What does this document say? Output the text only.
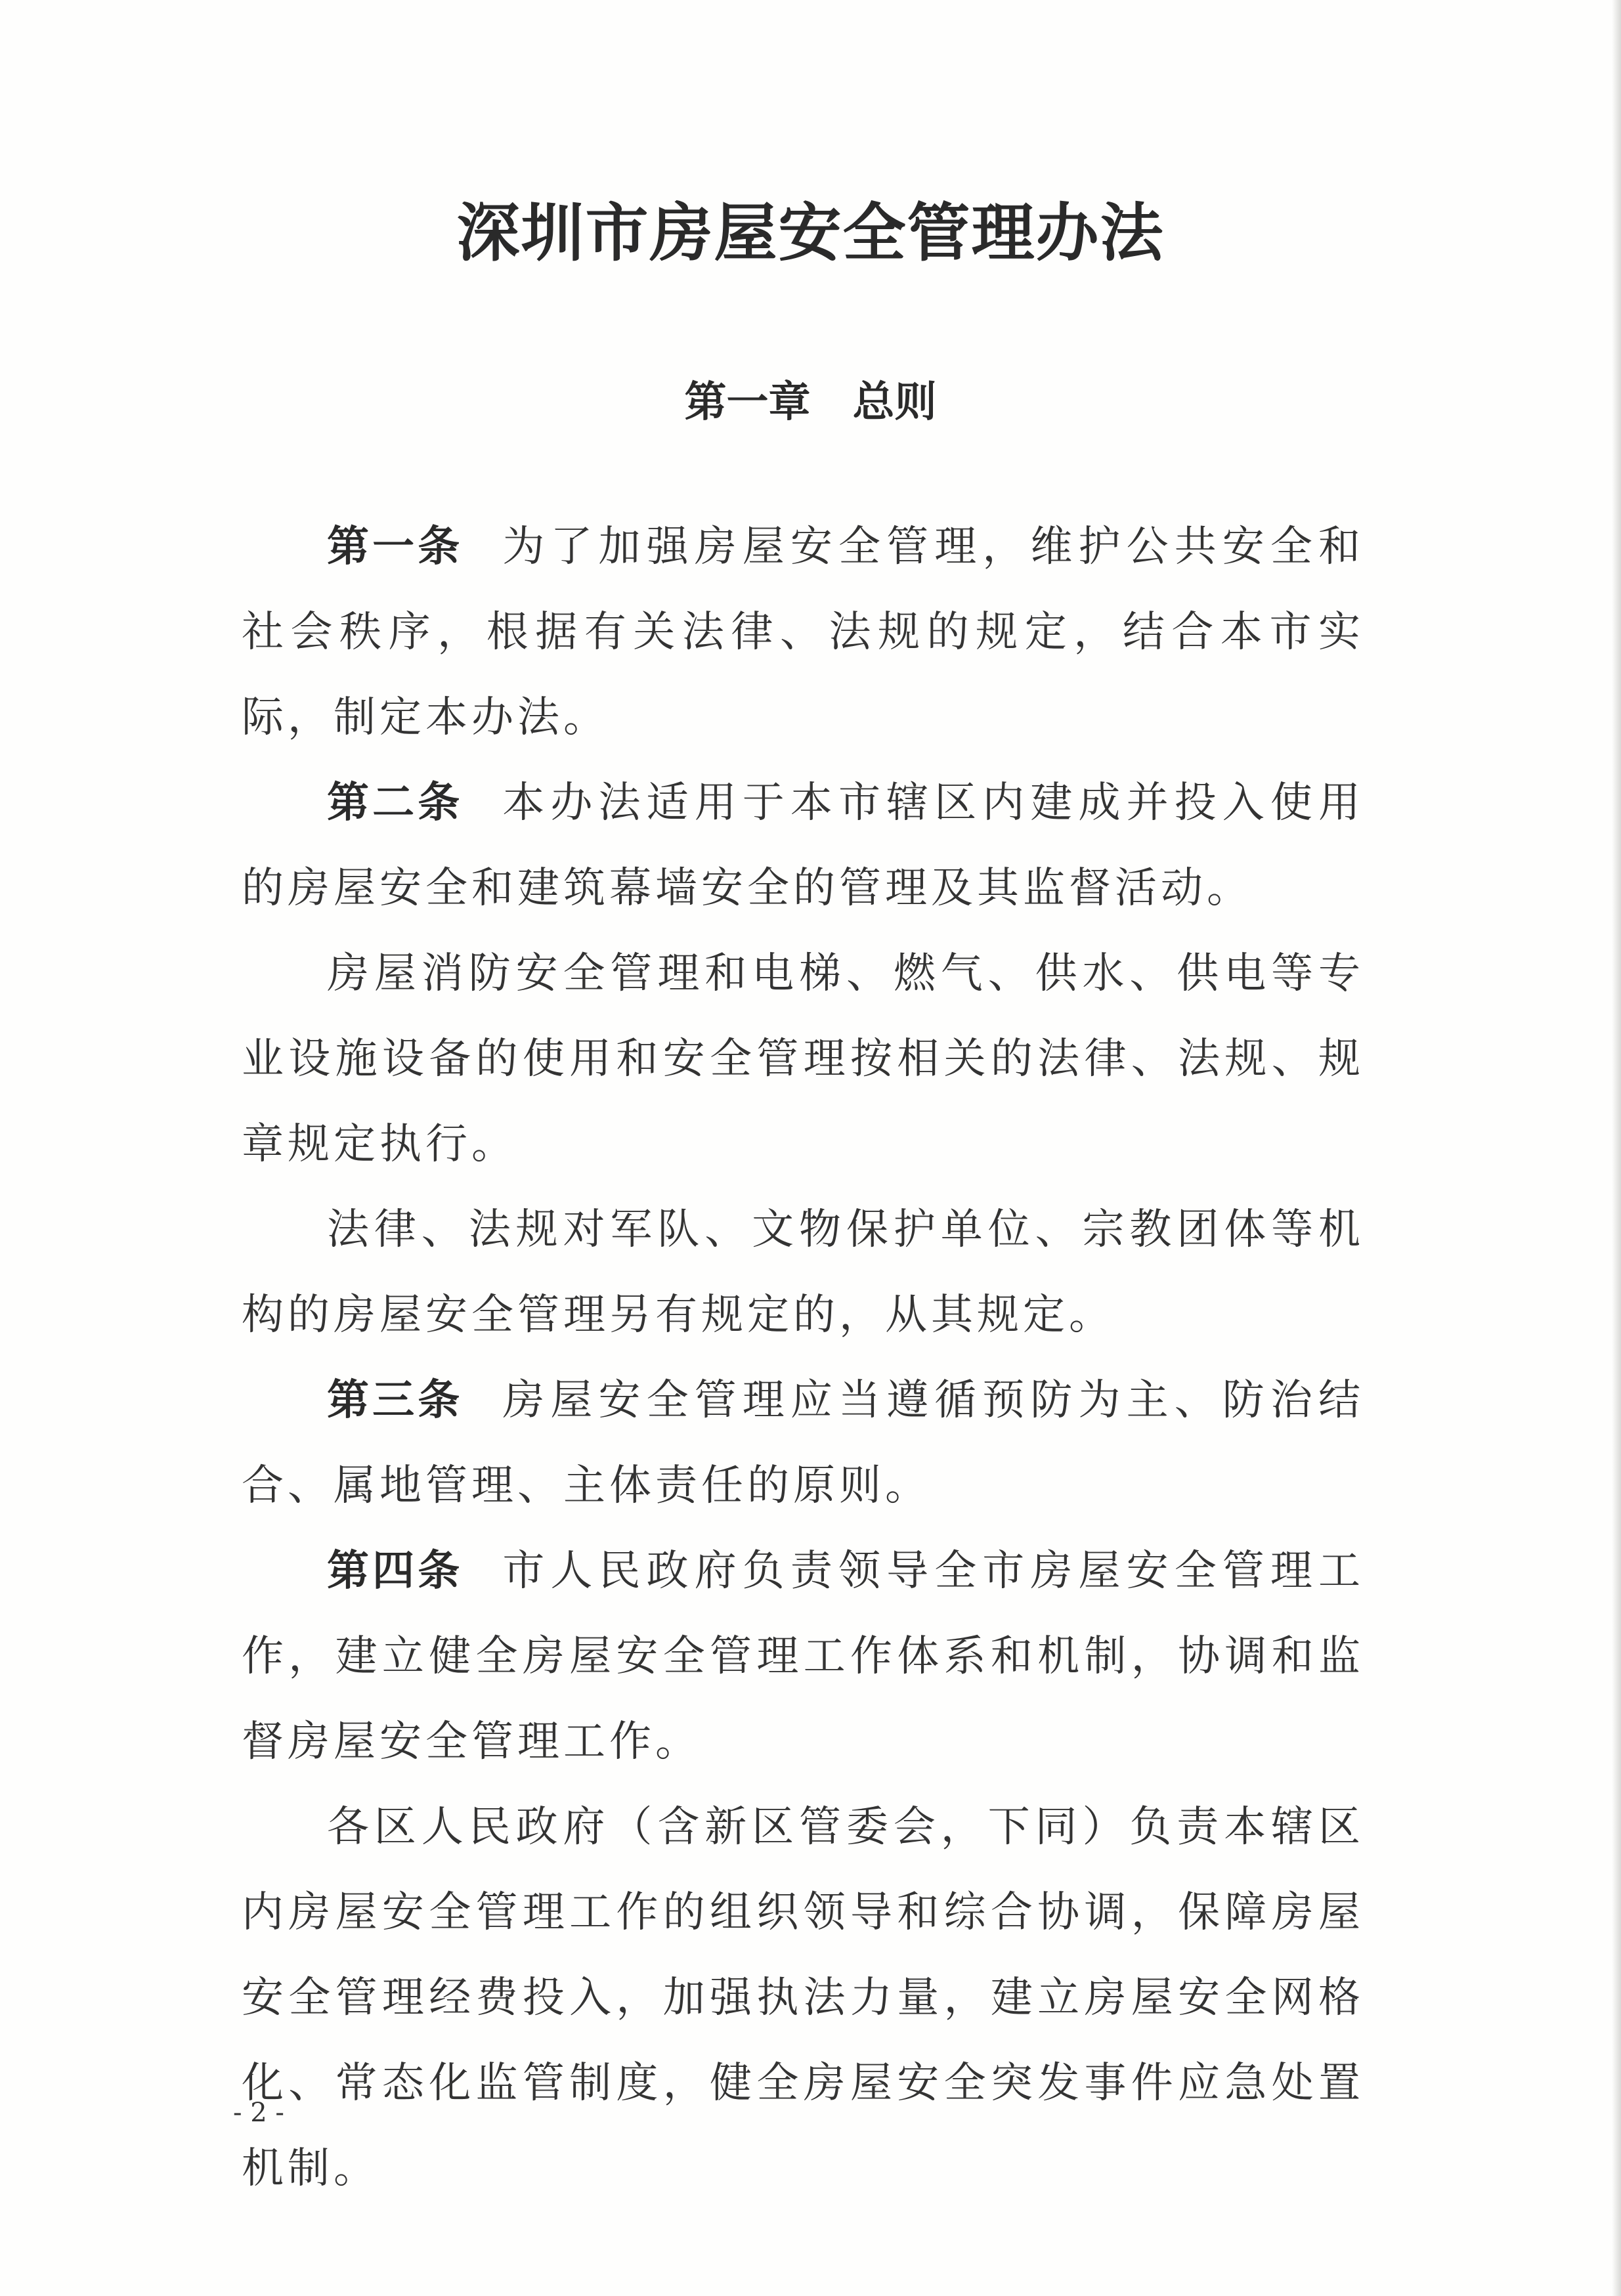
深圳市房屋安全管理办法
第一章　总则

第一条 为了加强房屋安全管理，维护公共安全和社会秩序，根据有关法律、法规的规定，结合本市实际，制定本办法。

第二条 本办法适用于本市辖区内建成并投入使用的房屋安全和建筑幕墙安全的管理及其监督活动。

房屋消防安全管理和电梯、燃气、供水、供电等专业设施设备的使用和安全管理按相关的法律、法规、规章规定执行。

法律、法规对军队、文物保护单位、宗教团体等机构的房屋安全管理另有规定的，从其规定。

第三条 房屋安全管理应当遵循预防为主、防治结合、属地管理、主体责任的原则。

第四条 市人民政府负责领导全市房屋安全管理工作，建立健全房屋安全管理工作体系和机制，协调和监督房屋安全管理工作。

各区人民政府（含新区管委会，下同）负责本辖区内房屋安全管理工作的组织领导和综合协调，保障房屋安全管理经费投入，加强执法力量，建立房屋安全网格化、常态化监管制度，健全房屋安全突发事件应急处置机制。

- 2 -
